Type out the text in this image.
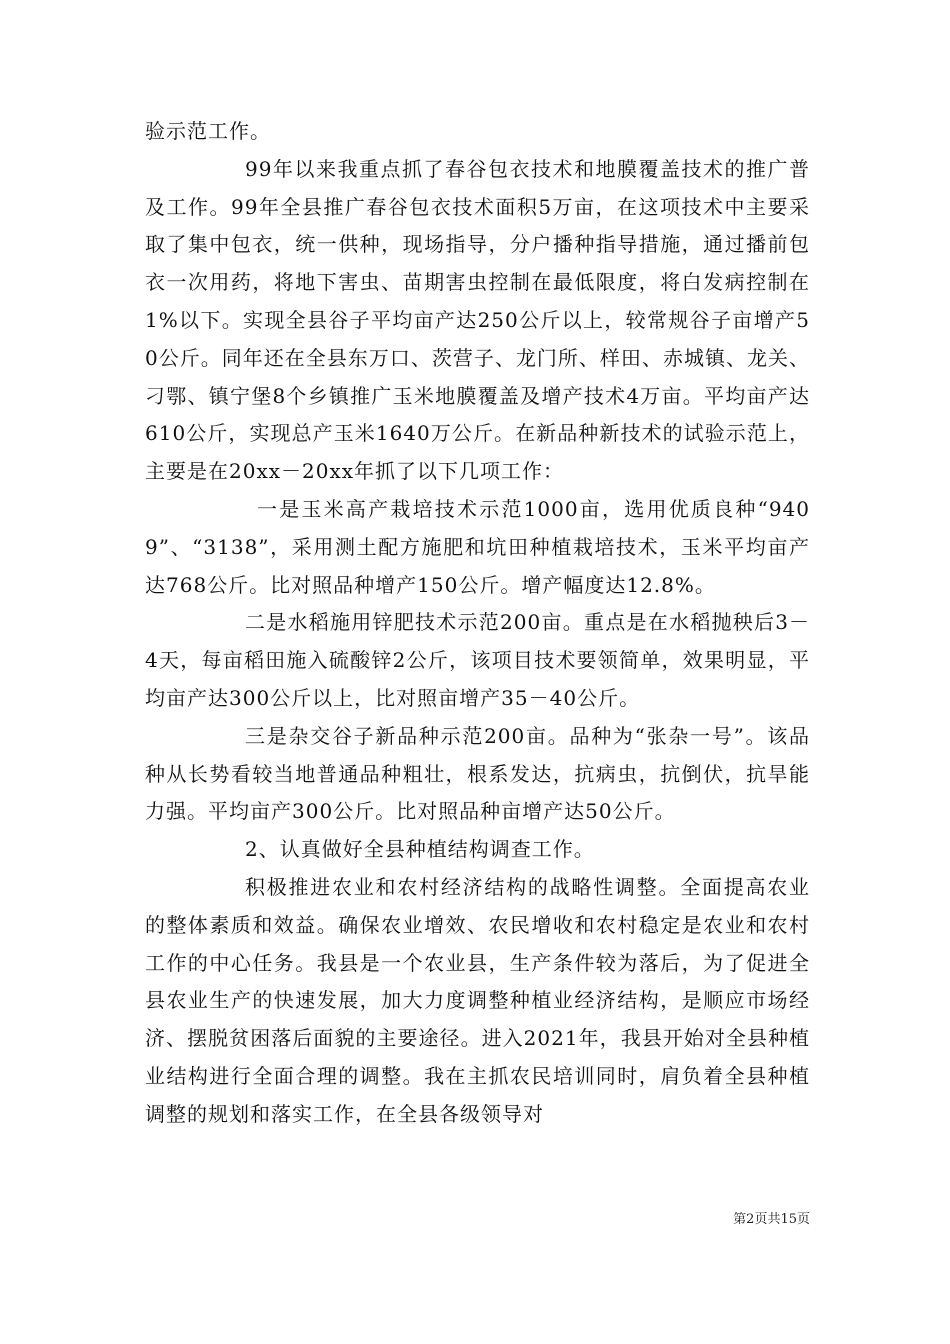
验示范工作。

99年以来我重点抓了春谷包衣技术和地膜覆盖技术的推广普及工作。99年全县推广春谷包衣技术面积5万亩，在这项技术中主要采取了集中包衣，统一供种，现场指导，分户播种指导措施，通过播前包衣一次用药，将地下害虫、苗期害虫控制在最低限度，将白发病控制在1%以下。实现全县谷子平均亩产达250公斤以上，较常规谷子亩增产50公斤。同年还在全县东万口、茨营子、龙门所、样田、赤城镇、龙关、刁鄂、镇宁堡8个乡镇推广玉米地膜覆盖及增产技术4万亩。平均亩产达610公斤，实现总产玉米1640万公斤。在新品种新技术的试验示范上，主要是在20xx－20xx年抓了以下几项工作：

一是玉米高产栽培技术示范1000亩，选用优质良种“9409”、“3138”，采用测土配方施肥和坑田种植栽培技术，玉米平均亩产达768公斤。比对照品种增产150公斤。增产幅度达12.8%。

二是水稻施用锌肥技术示范200亩。重点是在水稻抛秧后3－4天，每亩稻田施入硫酸锌2公斤，该项目技术要领简单，效果明显，平均亩产达300公斤以上，比对照亩增产35－40公斤。

三是杂交谷子新品种示范200亩。品种为“张杂一号”。该品种从长势看较当地普通品种粗壮，根系发达，抗病虫，抗倒伏，抗旱能力强。平均亩产300公斤。比对照品种亩增产达50公斤。

2、认真做好全县种植结构调查工作。

积极推进农业和农村经济结构的战略性调整。全面提高农业的整体素质和效益。确保农业增效、农民增收和农村稳定是农业和农村工作的中心任务。我县是一个农业县，生产条件较为落后，为了促进全县农业生产的快速发展，加大力度调整种植业经济结构，是顺应市场经济、摆脱贫困落后面貌的主要途径。进入2021年，我县开始对全县种植业结构进行全面合理的调整。我在主抓农民培训同时，肩负着全县种植调整的规划和落实工作，在全县各级领导对

第2页共15页
